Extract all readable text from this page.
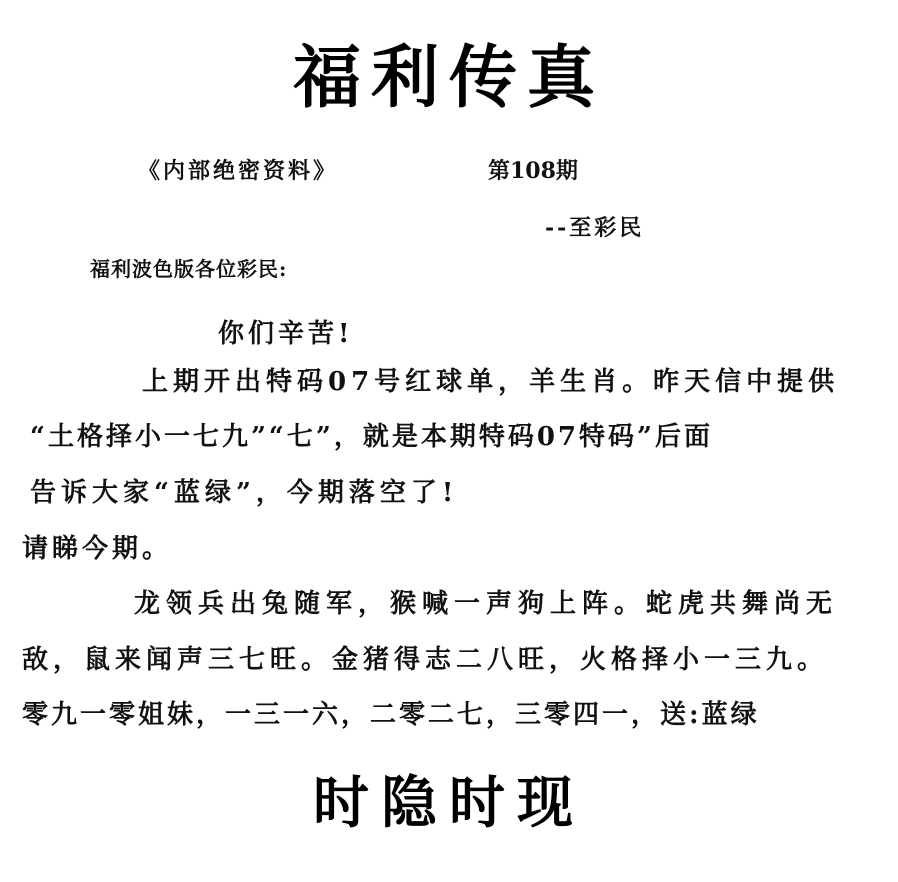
福利传真
《内部绝密资料》	第108期
--至彩民
福利波色版各位彩民:
你们辛苦!
上期开出特码07号红球单，羊生肖。昨天信中提供
“土格择小一七九”“七”，就是本期特码07特码”后面
告诉大家“蓝绿”，今期落空了!
请睇今期。
龙领兵出兔随军，猴喊一声狗上阵。蛇虎共舞尚无
敌，鼠来闻声三七旺。金猪得志二八旺，火格择小一三九。
零九一零姐妹，一三一六，二零二七，三零四一，送:蓝绿
时隐时现
